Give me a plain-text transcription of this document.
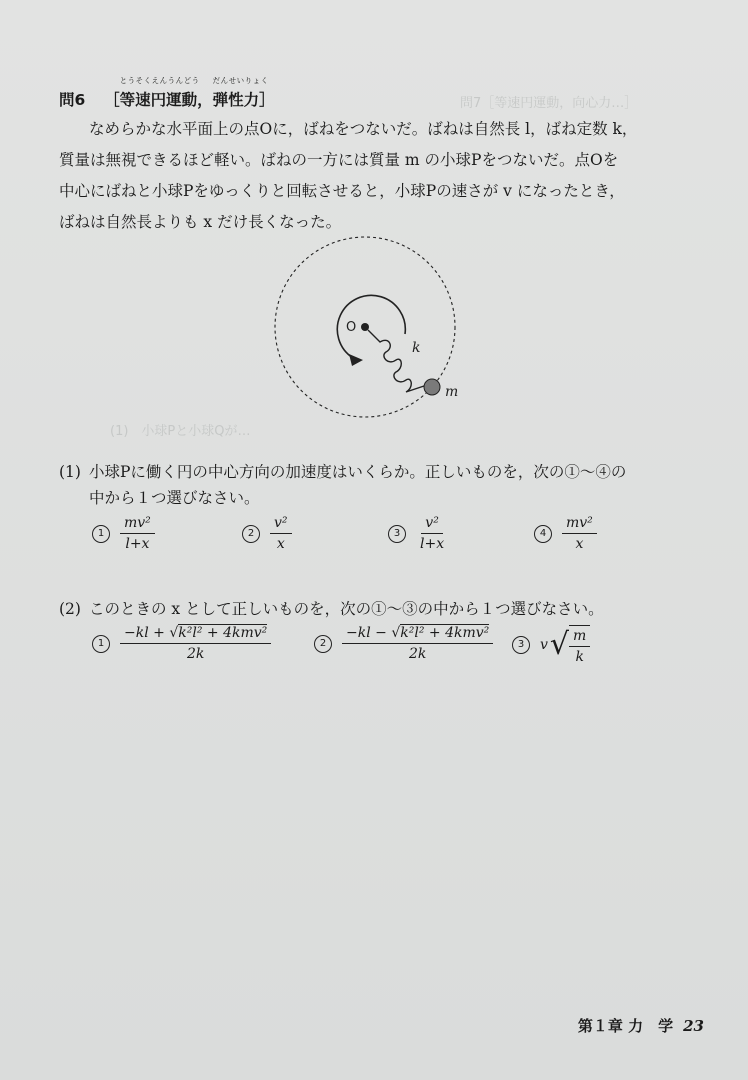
問7［等速円運動，向心力…］
(1)　小球Pと小球Qが…
問6 ［
とうそくえんうんどう
等速円運動，
だんせいりょく
弾性力］
なめらかな水平面上の点Oに，ばねをつないだ。ばねは自然長 l，ばね定数 k，
質量は無視できるほど軽い。ばねの一方には質量 m の小球Pをつないだ。点Oを
中心にばねと小球Pをゆっくりと回転させると，小球Pの速さが v になったとき，
ばねは自然長よりも x だけ長くなった。
O
k
m
(1) 小球Pに働く円の中心方向の加速度はいくらか。正しいものを，次の①～④の
中から１つ選びなさい。
1	$\frac{\text{mv²}}{l+x}$	2	$\frac{\text{v²}}{x}$	3	$\frac{\text{v²}}{l+x}$	4	$\frac{\text{mv²}}{x}$
(2) このときの x として正しいものを，次の①～③の中から１つ選びなさい。
1	$\frac{\text{−kl + √k²l² + 4kmv²}}{2k}$	2	$\frac{\text{−kl − √k²l² + 4kmv²}}{2k}$	3	v √ $\frac{m}{k}$
第１章 力　学 23
